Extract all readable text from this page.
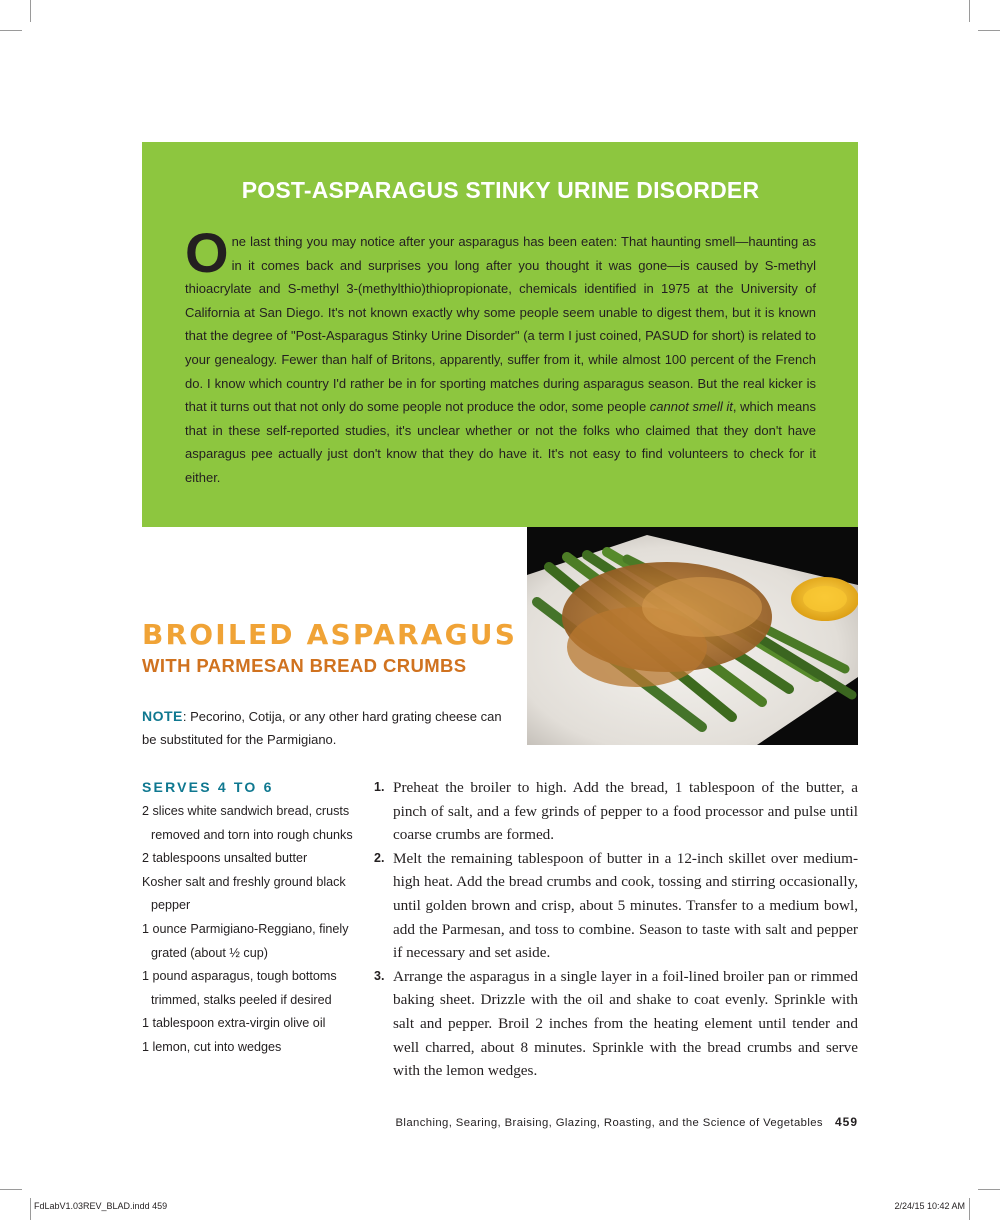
POST-ASPARAGUS STINKY URINE DISORDER

One last thing you may notice after your asparagus has been eaten: That haunting smell—haunting as in it comes back and surprises you long after you thought it was gone—is caused by S-methyl thioacrylate and S-methyl 3-(methylthio)thiopropionate, chemicals identified in 1975 at the University of California at San Diego. It's not known exactly why some people seem unable to digest them, but it is known that the degree of "Post-Asparagus Stinky Urine Disorder" (a term I just coined, PASUD for short) is related to your genealogy. Fewer than half of Britons, apparently, suffer from it, while almost 100 percent of the French do. I know which country I'd rather be in for sporting matches during asparagus season. But the real kicker is that it turns out that not only do some people not produce the odor, some people cannot smell it, which means that in these self-reported studies, it's unclear whether or not the folks who claimed that they don't have asparagus pee actually just don't know that they do have it. It's not easy to find volunteers to check for it either.

BROILED ASPARAGUS
WITH PARMESAN BREAD CRUMBS

NOTE: Pecorino, Cotija, or any other hard grating cheese can be substituted for the Parmigiano.

SERVES 4 TO 6
2 slices white sandwich bread, crusts removed and torn into rough chunks
2 tablespoons unsalted butter
Kosher salt and freshly ground black pepper
1 ounce Parmigiano-Reggiano, finely grated (about ½ cup)
1 pound asparagus, tough bottoms trimmed, stalks peeled if desired
1 tablespoon extra-virgin olive oil
1 lemon, cut into wedges
1. Preheat the broiler to high. Add the bread, 1 tablespoon of the butter, a pinch of salt, and a few grinds of pepper to a food processor and pulse until coarse crumbs are formed.
2. Melt the remaining tablespoon of butter in a 12-inch skillet over medium-high heat. Add the bread crumbs and cook, tossing and stirring occasionally, until golden brown and crisp, about 5 minutes. Transfer to a medium bowl, add the Parmesan, and toss to combine. Season to taste with salt and pepper if necessary and set aside.
3. Arrange the asparagus in a single layer in a foil-lined broiler pan or rimmed baking sheet. Drizzle with the oil and shake to coat evenly. Sprinkle with salt and pepper. Broil 2 inches from the heating element until tender and well charred, about 8 minutes. Sprinkle with the bread crumbs and serve with the lemon wedges.

Blanching, Searing, Braising, Glazing, Roasting, and the Science of Vegetables 459

FdLabV1.03REV_BLAD.indd 459	2/24/15 10:42 AM
